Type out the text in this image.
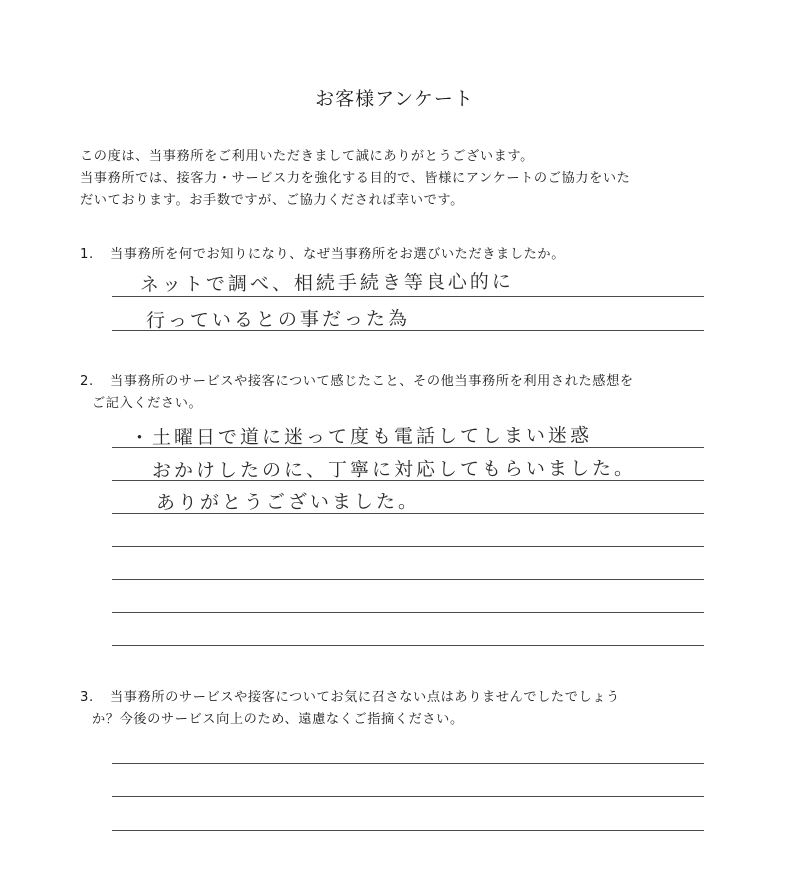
お客様アンケート
この度は、当事務所をご利用いただきまして誠にありがとうございます。
当事務所では、接客力・サービス力を強化する目的で、皆様にアンケートのご協力をいた
だいております。お手数ですが、ご協力くだされば幸いです。
1. 当事務所を何でお知りになり、なぜ当事務所をお選びいただきましたか。
ネットで調べ、相続手続き等良心的に
行っているとの事だった為
2. 当事務所のサービスや接客について感じたこと、その他当事務所を利用された感想を
ご記入ください。
・土曜日で道に迷って度も電話してしまい迷惑
おかけしたのに、丁寧に対応してもらいました。
ありがとうございました。
3. 当事務所のサービスや接客についてお気に召さない点はありませんでしたでしょう
か？今後のサービス向上のため、遠慮なくご指摘ください。
